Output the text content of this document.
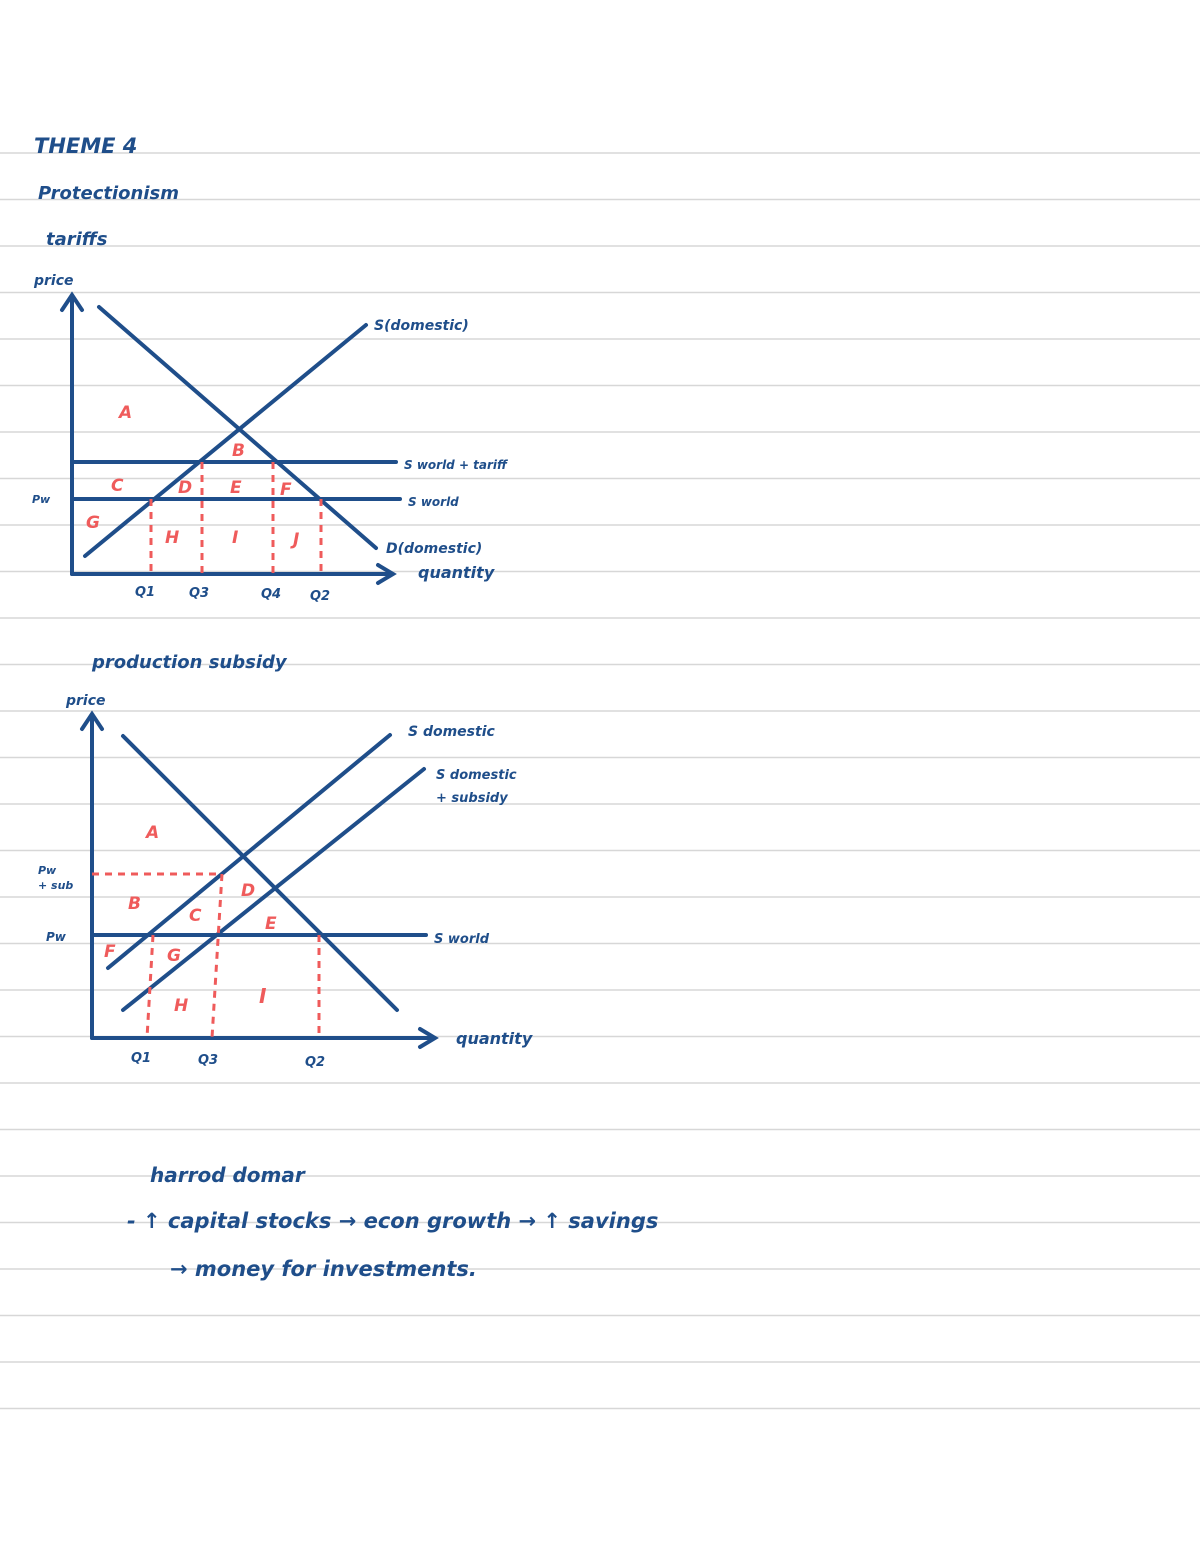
THEME 4
Protectionism
tariffs
price
S(domestic)
S world + tariff
S world
D(domestic)
quantity
Pw
Q1	Q3	Q4 Q2
A
B
C	D E F
G
H	I	J
production subsidy
price
S domestic
S domestic
+ subsidy
S world
quantity
Pw
+ sub
Pw
Q1	Q3	Q2
A
B
C
D
E
F	G
H	I
harrod domar
- ↑ capital stocks → econ growth → ↑ savings
→ money for investments.
